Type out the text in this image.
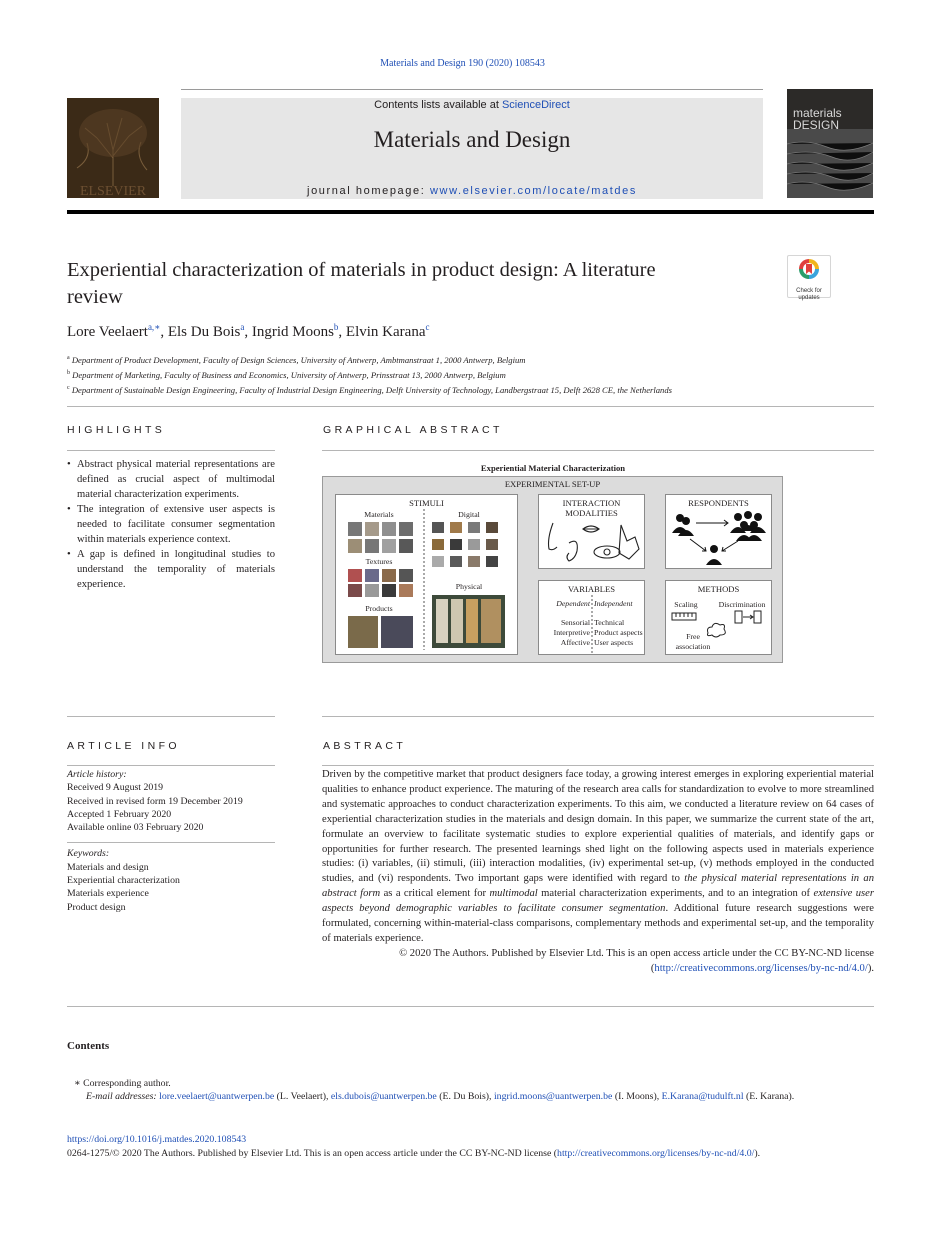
Materials and Design 190 (2020) 108543
ELSEVIER
Contents lists available at ScienceDirect
Materials and Design
journal homepage: www.elsevier.com/locate/matdes
materials
DESIGN
Experiential characterization of materials in product design: A literature review	Check for
updates
Lore Veelaert$^{a,∗}$, Els Du Bois$^a$, Ingrid Moons$^b$, Elvin Karana$^c$
$^a$ Department of Product Development, Faculty of Design Sciences, University of Antwerp, Ambtmanstraat 1, 2000 Antwerp, Belgium
$^b$ Department of Marketing, Faculty of Business and Economics, University of Antwerp, Prinsstraat 13, 2000 Antwerp, Belgium
$^c$ Department of Sustainable Design Engineering, Faculty of Industrial Design Engineering, Delft University of Technology, Landbergstraat 15, Delft 2628 CE, the Netherlands
HIGHLIGHTS
• Abstract physical material representations are defined as crucial aspect of multimodal material characterization experiments.
• The integration of extensive user aspects is needed to facilitate consumer segmentation within materials experience context.
• A gap is defined in longitudinal studies to understand the temporality of materials experience.
GRAPHICAL ABSTRACT
Experiential Material Characterization
EXPERIMENTAL SET-UP
STIMULI
Materials	Digital
Textures
Physical
Products
INTERACTION
MODALITIES
RESPONDENTS
VARIABLES
Dependent Independent
Sensorial
Interpretive
Affective
Technical
Product aspects
User aspects
METHODS
Scaling	Discrimination
Free
association
ARTICLE INFO
Article history:
Received 9 August 2019
Received in revised form 19 December 2019
Accepted 1 February 2020
Available online 03 February 2020
Keywords:
Materials and design
Experiential characterization
Materials experience
Product design
ABSTRACT
Driven by the competitive market that product designers face today, a growing interest emerges in exploring experiential material qualities to enhance product experience. The maturing of the research area calls for standardization to evolve to more streamlined and systematic approaches to conduct characterization experiments. To this aim, we conducted a literature review on 64 cases of experiential characterization studies in the materials and design domain. In this paper, we summarize the current state of the art, formulate an overview to facilitate systematic studies to explore experiential qualities of materials, and identify gaps or opportunities for further research. The presented learnings shed light on the following aspects used in materials experience studies: (i) variables, (ii) stimuli, (iii) interaction modalities, (iv) experimental set-up, (v) methods employed in the conducted studies, and (vi) respondents. Two important gaps were identified with regard to the physical material representations in an abstract form as a critical element for multimodal material characterization experiments, and to an integration of extensive user aspects beyond demographic variables to facilitate consumer segmentation. Additional future research suggestions were formulated, concerning within-material-class comparisons, complementary methods and experimental set-up, and the temporality of materials experience.
© 2020 The Authors. Published by Elsevier Ltd. This is an open access article under the CC BY-NC-ND license
(http://creativecommons.org/licenses/by-nc-nd/4.0/).
Contents
∗ Corresponding author.
E-mail addresses: lore.veelaert@uantwerpen.be (L. Veelaert), els.dubois@uantwerpen.be (E. Du Bois), ingrid.moons@uantwerpen.be (I. Moons), E.Karana@tudulft.nl (E. Karana).
https://doi.org/10.1016/j.matdes.2020.108543
0264-1275/© 2020 The Authors. Published by Elsevier Ltd. This is an open access article under the CC BY-NC-ND license (http://creativecommons.org/licenses/by-nc-nd/4.0/).
